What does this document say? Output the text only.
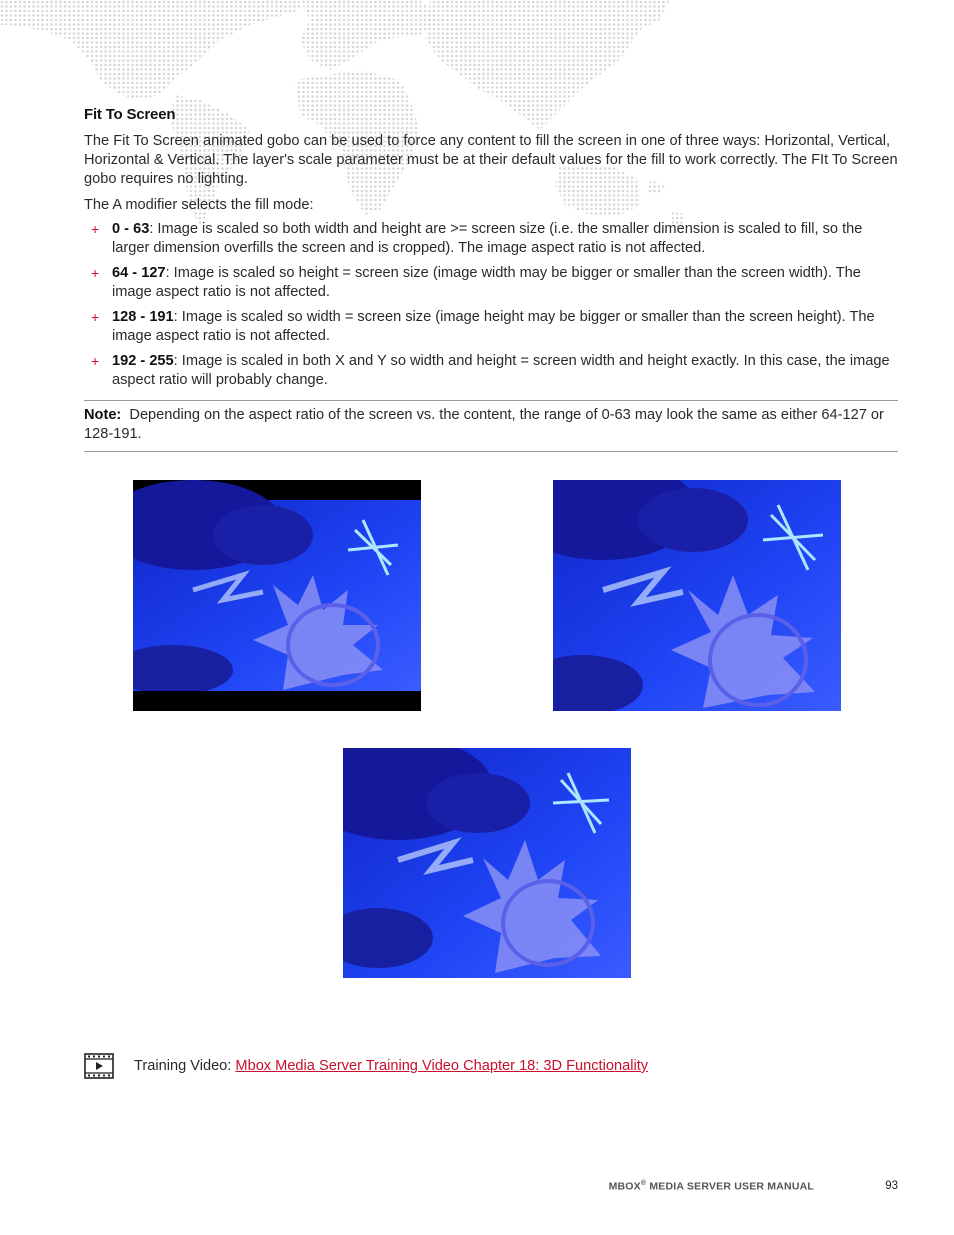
Fit To Screen

The Fit To Screen animated gobo can be used to force any content to fill the screen in one of three ways: Horizontal, Vertical, Horizontal & Vertical. The layer's scale parameter must be at their default values for the fill to work correctly. The FIt To Screen gobo requires no lighting.

The A modifier selects the fill mode:

+ 0 - 63: Image is scaled so both width and height are >= screen size (i.e. the smaller dimension is scaled to fill, so the larger dimension overfills the screen and is cropped). The image aspect ratio is not affected.
+ 64 - 127: Image is scaled so height = screen size (image width may be bigger or smaller than the screen width). The image aspect ratio is not affected.
+ 128 - 191: Image is scaled so width = screen size (image height may be bigger or smaller than the screen height). The image aspect ratio is not affected.
+ 192 - 255: Image is scaled in both X and Y so width and height = screen width and height exactly. In this case, the image aspect ratio will probably change.
Note: Depending on the aspect ratio of the screen vs. the content, the range of 0-63 may look the same as either 64-127 or 128-191.
Training Video: Mbox Media Server Training Video Chapter 18: 3D Functionality
MBOX® MEDIA SERVER USER MANUAL	93
